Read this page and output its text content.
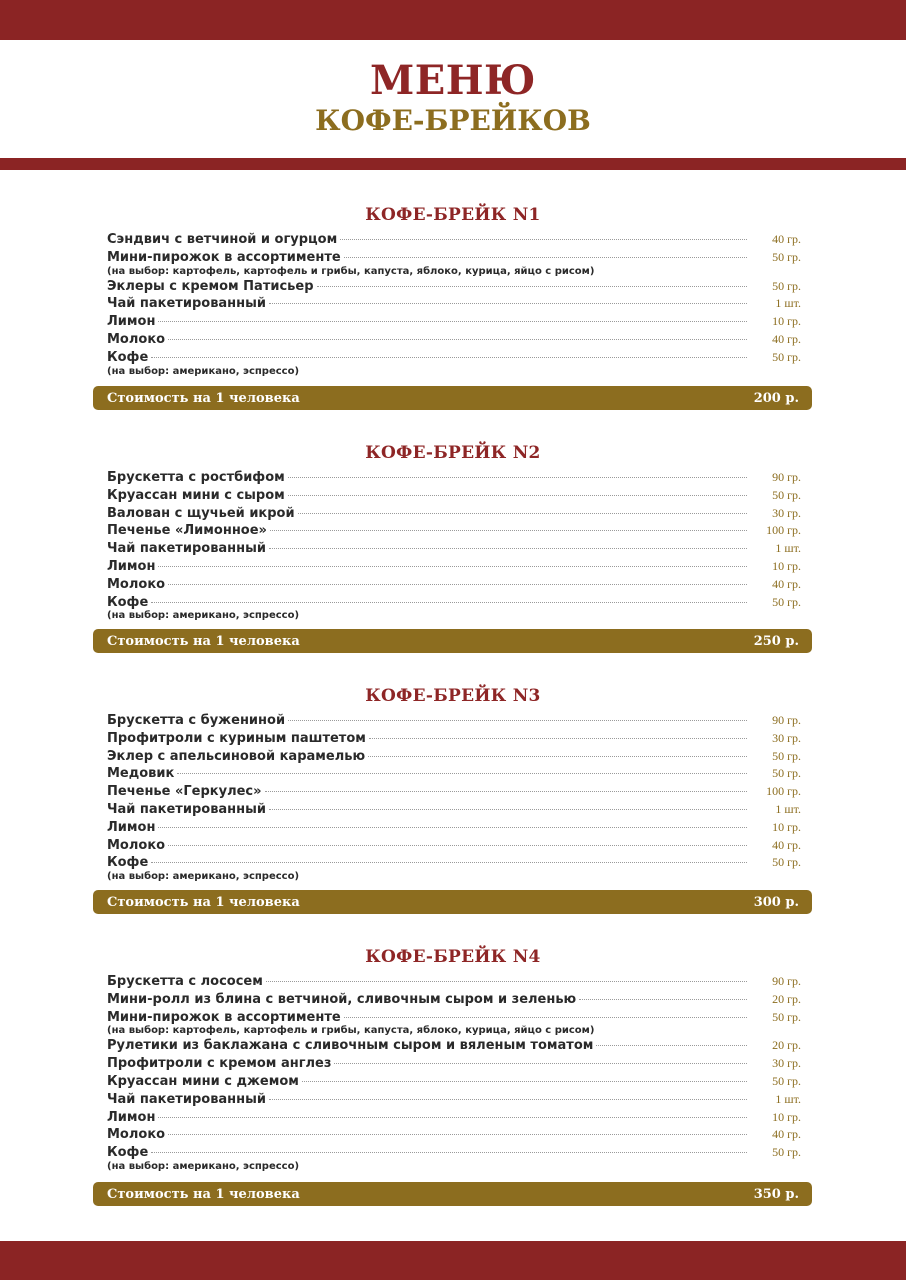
МЕНЮ
КОФЕ-БРЕЙКОВ
КОФЕ-БРЕЙК N1
Сэндвич с ветчиной и огурцом	40 гр.
Мини-пирожок в ассортименте	50 гр.
(на выбор: картофель, картофель и грибы, капуста, яблоко, курица, яйцо с рисом)
Эклеры с кремом Патисьер	50 гр.
Чай пакетированный	1 шт.
Лимон	10 гр.
Молоко	40 гр.
Кофе	50 гр.
(на выбор: американо, эспрессо)
Стоимость на 1 человека	200 р.
КОФЕ-БРЕЙК N2
Брускетта с ростбифом	90 гр.
Круассан мини с сыром	50 гр.
Валован с щучьей икрой	30 гр.
Печенье «Лимонное»	100 гр.
Чай пакетированный	1 шт.
Лимон	10 гр.
Молоко	40 гр.
Кофе	50 гр.
(на выбор: американо, эспрессо)
Стоимость на 1 человека	250 р.
КОФЕ-БРЕЙК N3
Брускетта с бужениной	90 гр.
Профитроли с куриным паштетом	30 гр.
Эклер с апельсиновой карамелью	50 гр.
Медовик	50 гр.
Печенье «Геркулес»	100 гр.
Чай пакетированный	1 шт.
Лимон	10 гр.
Молоко	40 гр.
Кофе	50 гр.
(на выбор: американо, эспрессо)
Стоимость на 1 человека	300 р.
КОФЕ-БРЕЙК N4
Брускетта с лососем	90 гр.
Мини-ролл из блина с ветчиной, сливочным сыром и зеленью	20 гр.
Мини-пирожок в ассортименте	50 гр.
(на выбор: картофель, картофель и грибы, капуста, яблоко, курица, яйцо с рисом)
Рулетики из баклажана с сливочным сыром и вяленым томатом	20 гр.
Профитроли с кремом англез	30 гр.
Круассан мини с джемом	50 гр.
Чай пакетированный	1 шт.
Лимон	10 гр.
Молоко	40 гр.
Кофе	50 гр.
(на выбор: американо, эспрессо)
Стоимость на 1 человека	350 р.
